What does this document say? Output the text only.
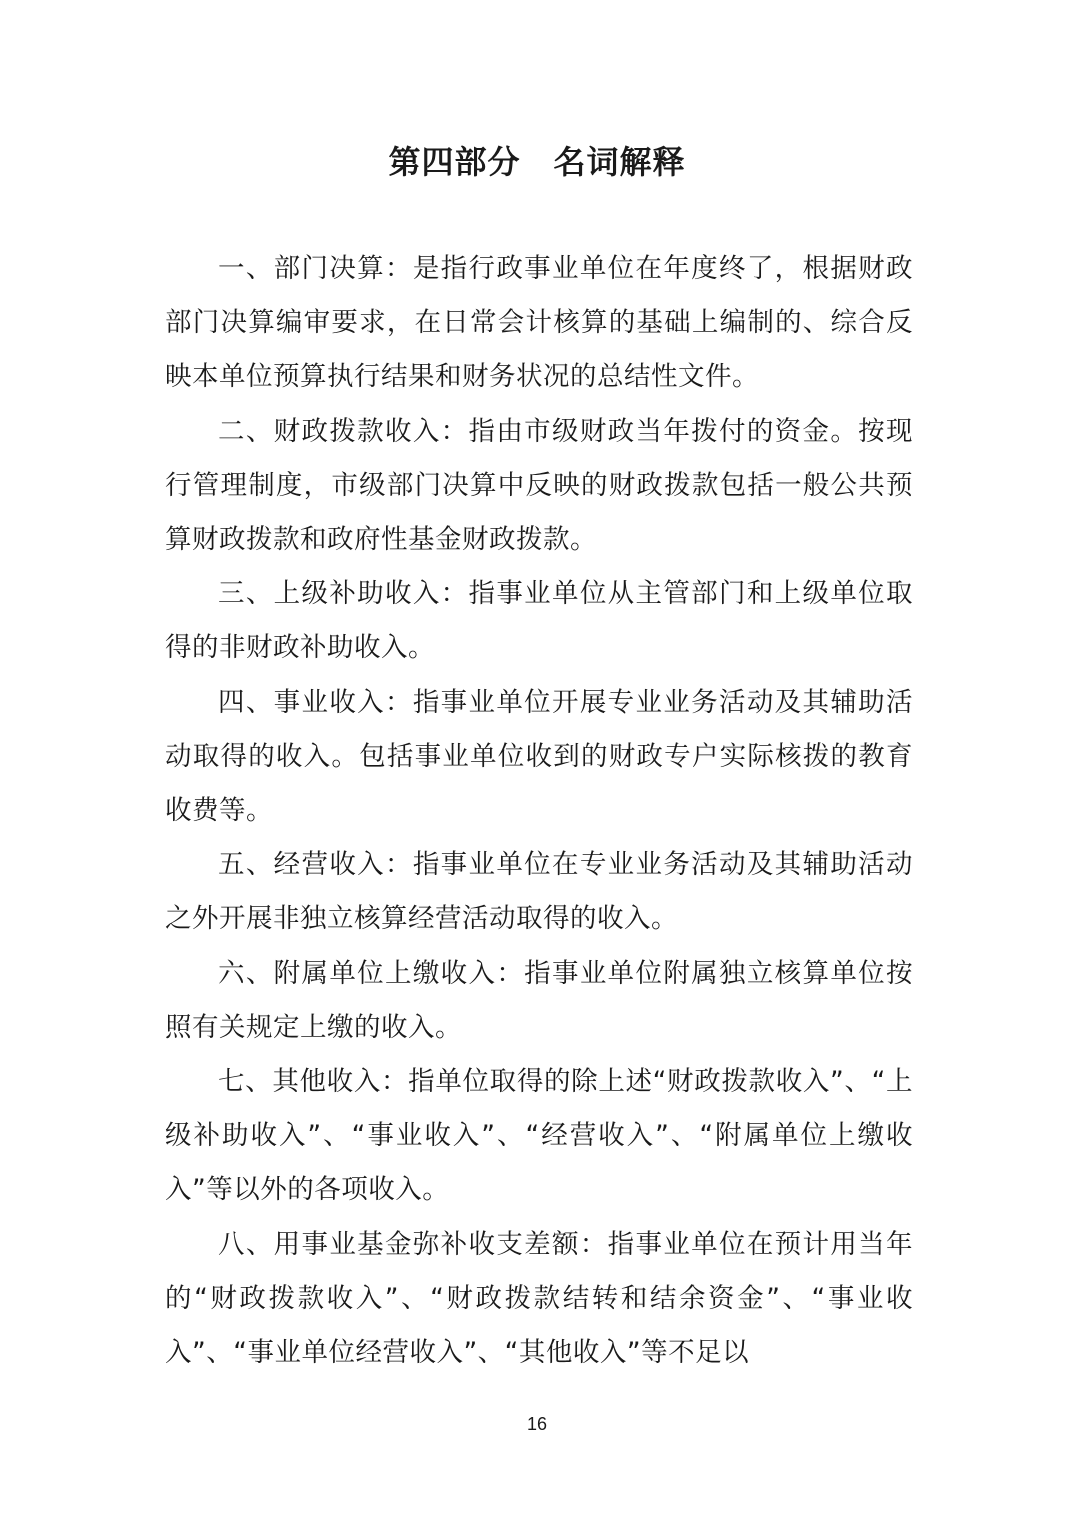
第四部分　名词解释

一、部门决算：是指行政事业单位在年度终了，根据财政部门决算编审要求，在日常会计核算的基础上编制的、综合反映本单位预算执行结果和财务状况的总结性文件。

二、财政拨款收入：指由市级财政当年拨付的资金。按现行管理制度，市级部门决算中反映的财政拨款包括一般公共预算财政拨款和政府性基金财政拨款。

三、上级补助收入：指事业单位从主管部门和上级单位取得的非财政补助收入。

四、事业收入：指事业单位开展专业业务活动及其辅助活动取得的收入。包括事业单位收到的财政专户实际核拨的教育收费等。

五、经营收入：指事业单位在专业业务活动及其辅助活动之外开展非独立核算经营活动取得的收入。

六、附属单位上缴收入：指事业单位附属独立核算单位按照有关规定上缴的收入。

七、其他收入：指单位取得的除上述“财政拨款收入”、“上级补助收入”、“事业收入”、“经营收入”、“附属单位上缴收入”等以外的各项收入。

八、用事业基金弥补收支差额：指事业单位在预计用当年的“财政拨款收入”、“财政拨款结转和结余资金”、“事业收入”、“事业单位经营收入”、“其他收入”等不足以

16
